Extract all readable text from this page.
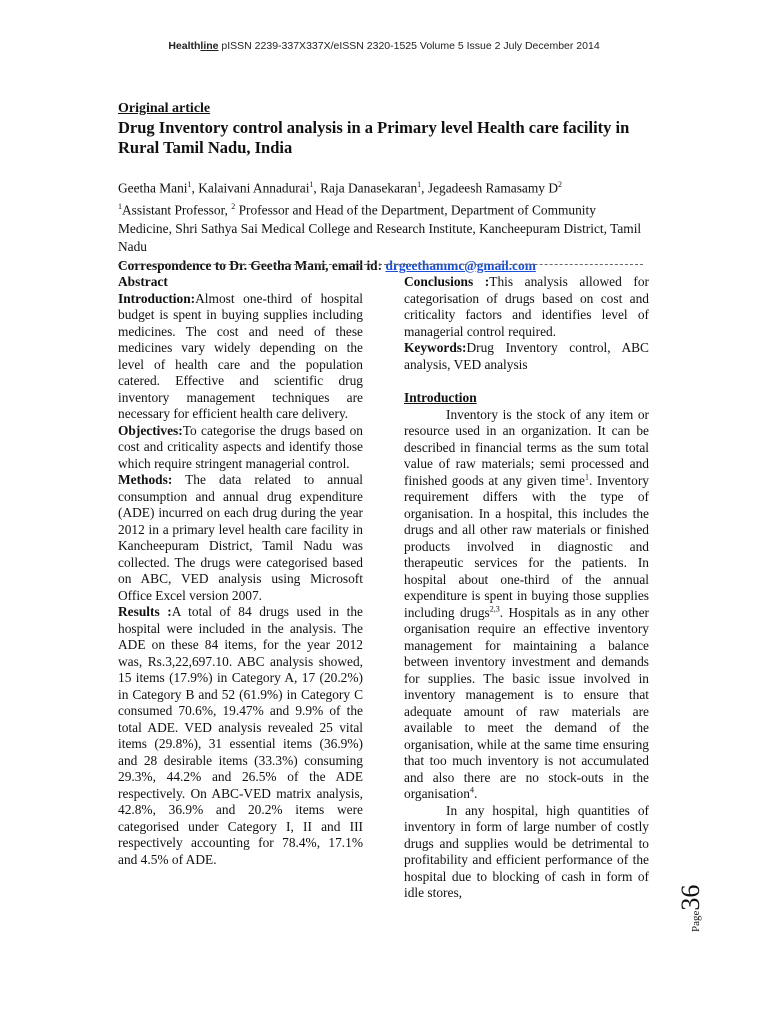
Healthline pISSN 2239-337X337X/eISSN 2320-1525 Volume 5 Issue 2 July December 2014
Original article
Drug Inventory control analysis in a Primary level Health care facility in Rural Tamil Nadu, India
Geetha Mani$^1$, Kalaivani Annadurai$^1$, Raja Danasekaran$^1$, Jegadeesh Ramasamy $D^2$
$^1$Assistant Professor, $^2$ Professor and Head of the Department, Department of Community Medicine, Shri Sathya Sai Medical College and Research Institute, Kancheepuram District, Tamil Nadu
Correspondence to Dr. Geetha Mani, email id: drgeethammc@gmail.com

Abstract

Introduction:Almost one-third of hospital budget is spent in buying supplies including medicines. The cost and need of these medicines vary widely depending on the level of health care and the population catered. Effective and scientific drug inventory management techniques are necessary for efficient health care delivery.

Objectives:To categorise the drugs based on cost and criticality aspects and identify those which require stringent managerial control.

Methods: The data related to annual consumption and annual drug expenditure (ADE) incurred on each drug during the year 2012 in a primary level health care facility in Kancheepuram District, Tamil Nadu was collected. The drugs were categorised based on ABC, VED analysis using Microsoft Office Excel version 2007.

Results :A total of 84 drugs used in the hospital were included in the analysis. The ADE on these 84 items, for the year 2012 was, Rs.3,22,697.10. ABC analysis showed, 15 items (17.9%) in Category A, 17 (20.2%) in Category B and 52 (61.9%) in Category C consumed 70.6%, 19.47% and 9.9% of the total ADE. VED analysis revealed 25 vital items (29.8%), 31 essential items (36.9%) and 28 desirable items (33.3%) consuming 29.3%, 44.2% and 26.5% of the ADE respectively. On ABC-VED matrix analysis, 42.8%, 36.9% and 20.2% items were categorised under Category I, II and III respectively accounting for 78.4%, 17.1% and 4.5% of ADE.

Conclusions :This analysis allowed for categorisation of drugs based on cost and criticality factors and identifies level of managerial control required.

Keywords:Drug Inventory control, ABC analysis, VED analysis

Introduction

Inventory is the stock of any item or resource used in an organization. It can be described in financial terms as the sum total value of raw materials; semi processed and finished goods at any given time$^1$. Inventory requirement differs with the type of organisation. In a hospital, this includes the drugs and all other raw materials or finished products involved in diagnostic and therapeutic services for the patients. In hospital about one-third of the annual expenditure is spent in buying those supplies including drugs$^{2,3}$. Hospitals as in any other organisation require an effective inventory management for maintaining a balance between inventory investment and demands for supplies. The basic issue involved in inventory management is to ensure that adequate amount of raw materials are available to meet the demand of the organisation, while at the same time ensuring that too much inventory is not accumulated and also there are no stock-outs in the organisation$^4$.

In any hospital, high quantities of inventory in form of large number of costly drugs and supplies would be detrimental to profitability and efficient performance of the hospital due to blocking of cash in form of idle stores,

Page36
